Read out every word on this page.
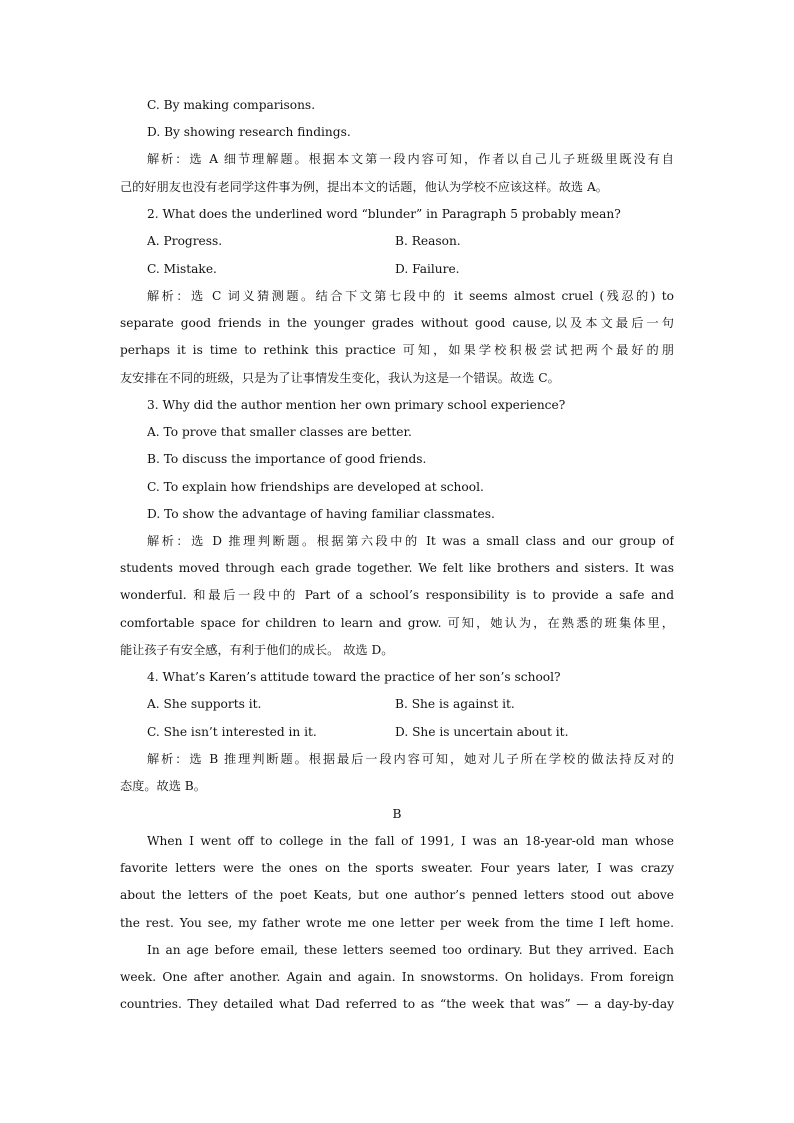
C. By making comparisons.
D. By showing research findings.
解析：选 A 细节理解题。根据本文第一段内容可知，作者以自己儿子班级里既没有自
己的好朋友也没有老同学这件事为例，提出本文的话题，他认为学校不应该这样。故选 A。
2. What does the underlined word “blunder” in Paragraph 5 probably mean?
A. Progress.	B. Reason.
C. Mistake.	D. Failure.
解析：选 C 词义猜测题。结合下文第七段中的 it seems almost cruel (残忍的) to
separate good friends in the younger grades without good cause,以及本文最后一句
perhaps it is time to rethink this practice 可知，如果学校积极尝试把两个最好的朋
友安排在不同的班级，只是为了让事情发生变化，我认为这是一个错误。故选 C。
3. Why did the author mention her own primary school experience?
A. To prove that smaller classes are better.
B. To discuss the importance of good friends.
C. To explain how friendships are developed at school.
D. To show the advantage of having familiar classmates.
解析：选 D 推理判断题。根据第六段中的 It was a small class and our group of
students moved through each grade together. We felt like brothers and sisters. It was
wonderful. 和最后一段中的 Part of a school’s responsibility is to provide a safe and
comfortable space for children to learn and grow. 可知，她认为，在熟悉的班集体里，
能让孩子有安全感，有利于他们的成长。 故选 D。
4. What’s Karen’s attitude toward the practice of her son’s school?
A. She supports it.	B. She is against it.
C. She isn’t interested in it.	D. She is uncertain about it.
解析：选 B 推理判断题。根据最后一段内容可知，她对儿子所在学校的做法持反对的
态度。故选 B。
B
When I went off to college in the fall of 1991, I was an 18-year-old man whose
favorite letters were the ones on the sports sweater. Four years later, I was crazy
about the letters of the poet Keats, but one author’s penned letters stood out above
the rest. You see, my father wrote me one letter per week from the time I left home.
In an age before email, these letters seemed too ordinary. But they arrived. Each
week. One after another. Again and again. In snowstorms. On holidays. From foreign
countries. They detailed what Dad referred to as “the week that was” — a day-by-day
